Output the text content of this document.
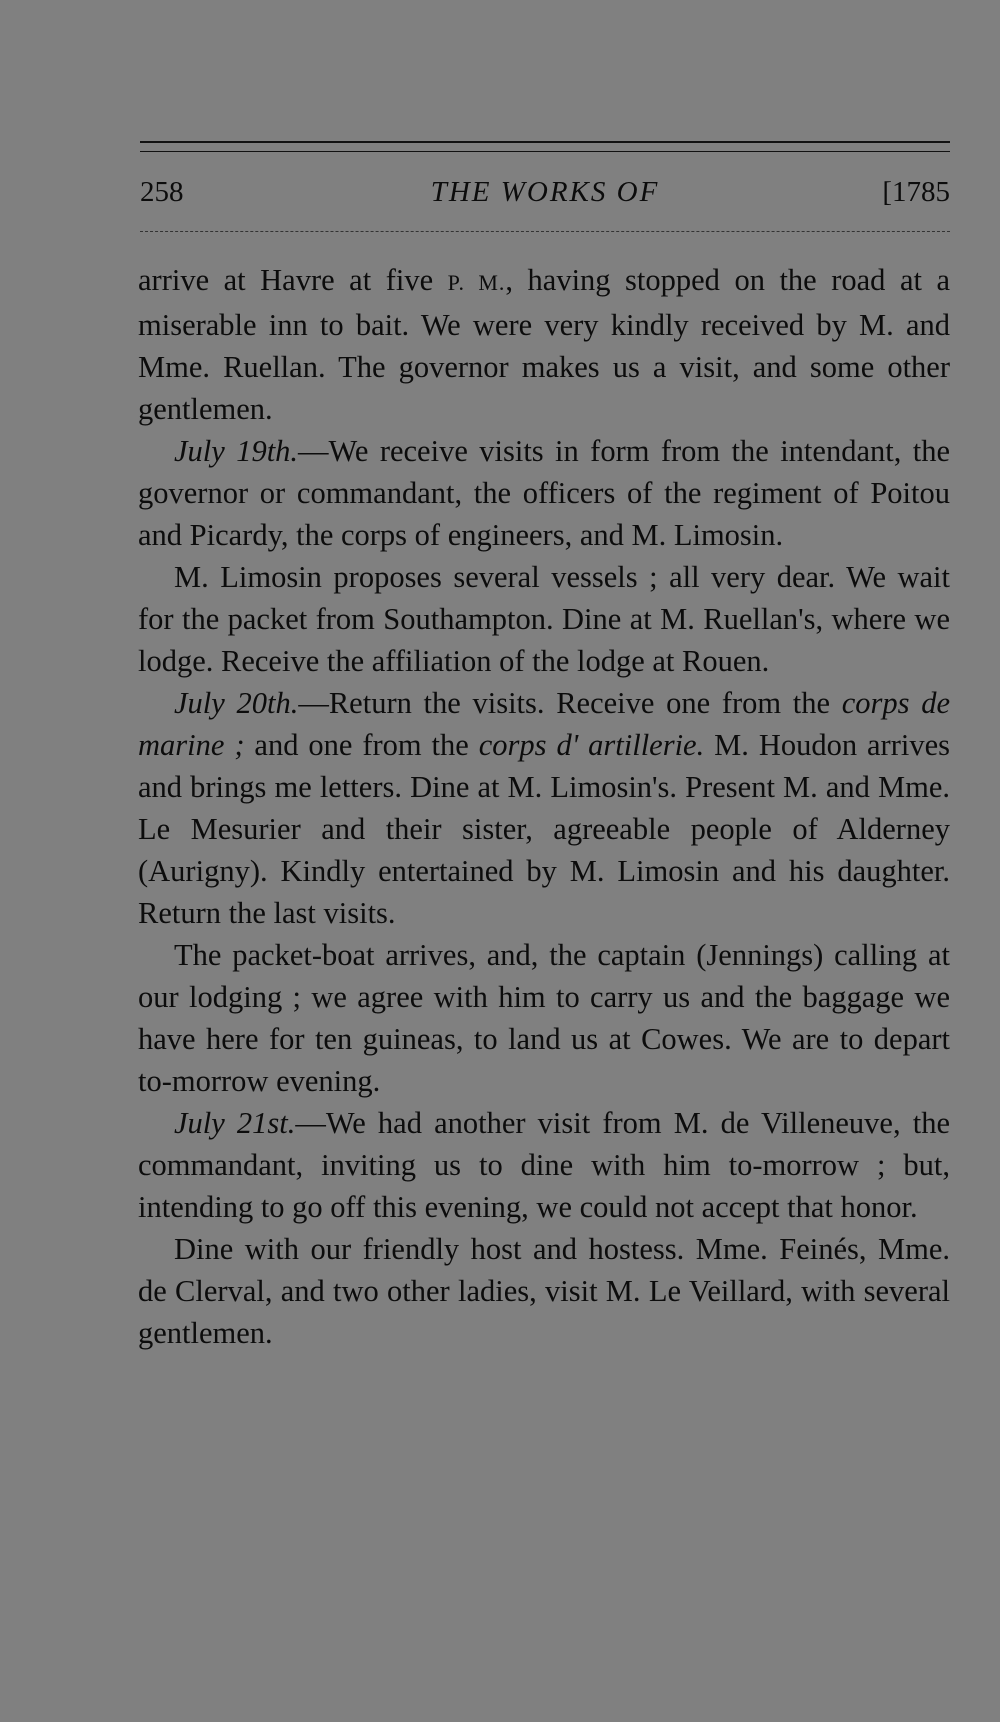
258	THE WORKS OF	[1785

arrive at Havre at five P. M., having stopped on the road at a miserable inn to bait. We were very kindly received by M. and Mme. Ruellan. The governor makes us a visit, and some other gentlemen.

July 19th.—We receive visits in form from the intendant, the governor or commandant, the officers of the regiment of Poitou and Picardy, the corps of engineers, and M. Limosin.

M. Limosin proposes several vessels ; all very dear. We wait for the packet from Southampton. Dine at M. Ruellan's, where we lodge. Receive the affiliation of the lodge at Rouen.

July 20th.—Return the visits. Receive one from the corps de marine ; and one from the corps d' artillerie. M. Houdon arrives and brings me letters. Dine at M. Limosin's. Present M. and Mme. Le Mesurier and their sister, agreeable people of Alderney (Aurigny). Kindly entertained by M. Limosin and his daughter. Return the last visits.

The packet-boat arrives, and, the captain (Jennings) calling at our lodging ; we agree with him to carry us and the baggage we have here for ten guineas, to land us at Cowes. We are to depart to-morrow evening.

July 21st.—We had another visit from M. de Villeneuve, the commandant, inviting us to dine with him to-morrow ; but, intending to go off this evening, we could not accept that honor.

Dine with our friendly host and hostess. Mme. Feinés, Mme. de Clerval, and two other ladies, visit M. Le Veillard, with several gentlemen.
